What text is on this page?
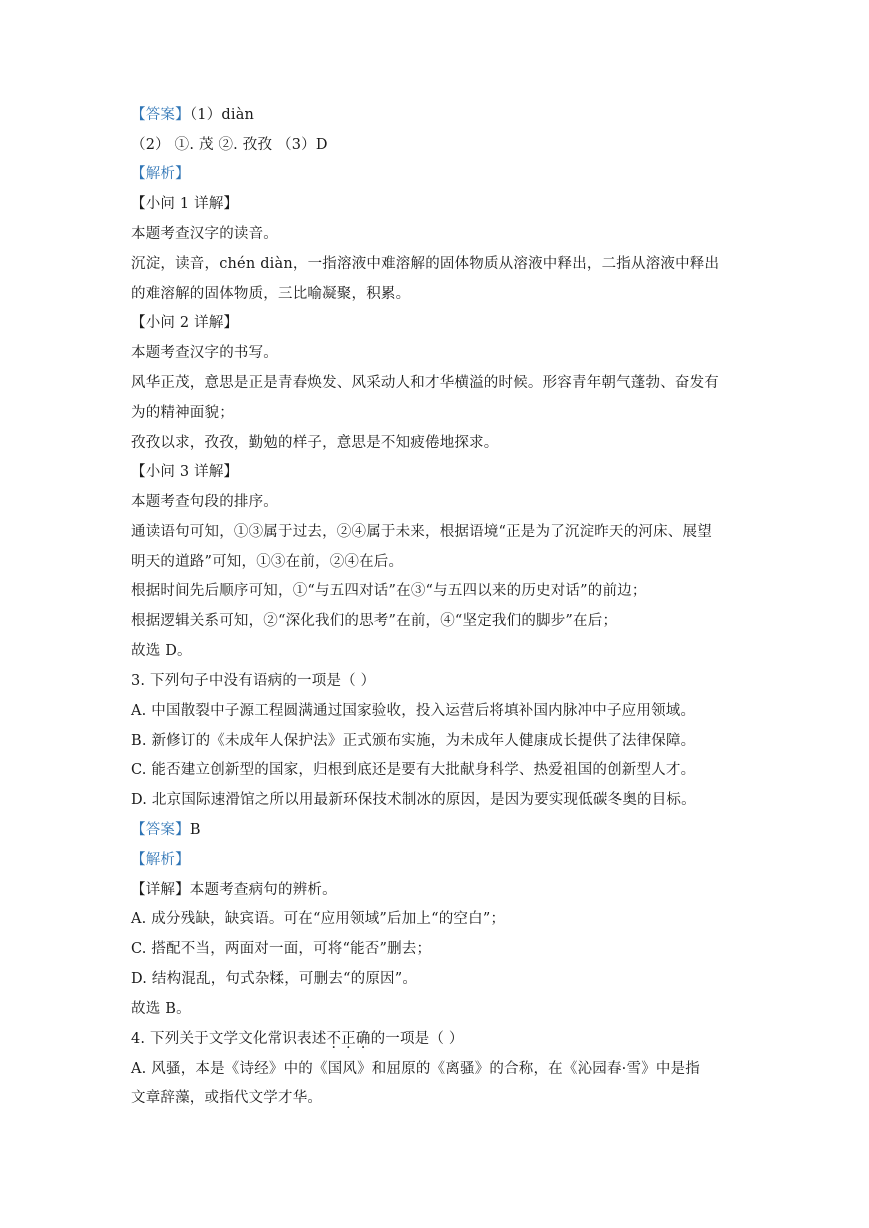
【答案】（1）diàn
（2） ①. 茂 ②. 孜孜 （3）D
【解析】
【小问 1 详解】
本题考查汉字的读音。
沉淀，读音，chén diàn，一指溶液中难溶解的固体物质从溶液中释出，二指从溶液中释出
的难溶解的固体物质，三比喻凝聚，积累。
【小问 2 详解】
本题考查汉字的书写。
风华正茂，意思是正是青春焕发、风采动人和才华横溢的时候。形容青年朝气蓬勃、奋发有
为的精神面貌；
孜孜以求，孜孜，勤勉的样子，意思是不知疲倦地探求。
【小问 3 详解】
本题考查句段的排序。
通读语句可知，①③属于过去，②④属于未来，根据语境“正是为了沉淀昨天的河床、展望
明天的道路”可知，①③在前，②④在后。
根据时间先后顺序可知，①“与五四对话”在③“与五四以来的历史对话”的前边；
根据逻辑关系可知，②“深化我们的思考”在前，④“坚定我们的脚步”在后；
故选 D。
3. 下列句子中没有语病的一项是（ ）
A. 中国散裂中子源工程圆满通过国家验收，投入运营后将填补国内脉冲中子应用领域。
B. 新修订的《未成年人保护法》正式颁布实施，为未成年人健康成长提供了法律保障。
C. 能否建立创新型的国家，归根到底还是要有大批献身科学、热爱祖国的创新型人才。
D. 北京国际速滑馆之所以用最新环保技术制冰的原因，是因为要实现低碳冬奥的目标。
【答案】B
【解析】
【详解】本题考查病句的辨析。
A. 成分残缺，缺宾语。可在“应用领域”后加上“的空白”；
C. 搭配不当，两面对一面，可将“能否”删去；
D. 结构混乱，句式杂糅，可删去“的原因”。
故选 B。
4. 下列关于文学文化常识表述不正确的一项是（ ）
A. 风骚，本是《诗经》中的《国风》和屈原的《离骚》的合称，在《沁园春·雪》中是指
文章辞藻，或指代文学才华。
